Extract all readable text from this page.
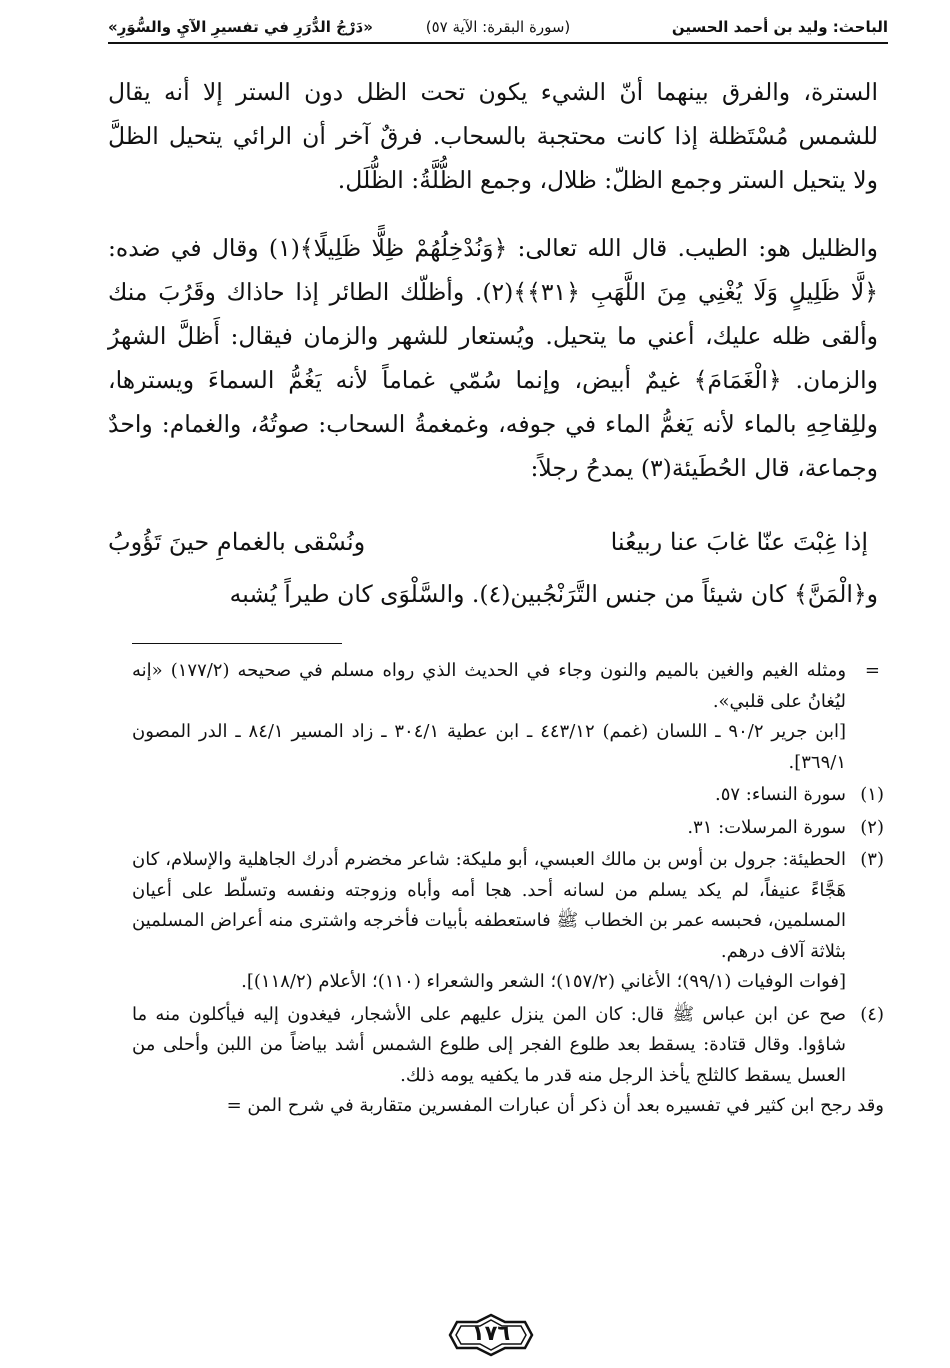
الباحث: وليد بن أحمد الحسين
(سورة البقرة: الآية ٥٧)
«دَرْجُ الدُّرَرِ في تفسيرِ الآيِ والسُّوَرِ»

السترة، والفرق بينهما أنّ الشيء يكون تحت الظل دون الستر إلا أنه يقال للشمس مُسْتَظلة إذا كانت محتجبة بالسحاب. فرقٌ آخر أن الرائي يتحيل الظلَّ ولا يتحيل الستر وجمع الظلّ: ظلال، وجمع الظُّلَّةُ: الظُّلَل.

والظليل هو: الطيب. قال الله تعالى: ﴿وَنُدْخِلُهُمْ ظِلًّا ظَلِيلًا﴾(١) وقال في ضده: ﴿لَّا ظَلِيلٍ وَلَا يُغْنِي مِنَ اللَّهَبِ ﴿٣١﴾﴾(٢). وأظلّك الطائر إذا حاذاك وقَرُبَ منك وألقى ظله عليك، أعني ما يتحيل. ويُستعار للشهر والزمان فيقال: أَظلَّ الشهرُ والزمان. ﴿الْغَمَامَ﴾ غيمٌ أبيض، وإنما سُمّي غماماً لأنه يَغُمُّ السماءَ ويسترها، وللِقاحِهِ بالماء لأنه يَغمُّ الماء في جوفه، وغمغمةُ السحاب: صوتُهُ، والغمام: واحدٌ وجماعة، قال الحُطَيئة(٣) يمدحُ رجلاً:

إذا غِبْتَ عنّا غابَ عنا ربيعُنا
ونُسْقى بالغمامِ حينَ تَؤُوبُ

و﴿الْمَنَّ﴾ كان شيئاً من جنس التَّرَنْجُبين(٤). والسَّلْوَى كان طيراً يُشبه

=
ومثله الغيم والغين بالميم والنون وجاء في الحديث الذي رواه مسلم في صحيحه (١٧٧/٢) «إنه ليُغانُ على قلبي».
[ابن جرير ٩٠/٢ ـ اللسان (غمم) ٤٤٣/١٢ ـ ابن عطية ٣٠٤/١ ـ زاد المسير ٨٤/١ ـ الدر المصون ٣٦٩/١].
(١)
سورة النساء: ٥٧.
(٢)
سورة المرسلات: ٣١.
(٣)
الحطيئة: جرول بن أوس بن مالك العبسي، أبو مليكة: شاعر مخضرم أدرك الجاهلية والإسلام، كان هَجَّاءً عنيفاً، لم يكد يسلم من لسانه أحد. هجا أمه وأباه وزوجته ونفسه وتسلّط على أعيان المسلمين، فحبسه عمر بن الخطاب ﷺ فاستعطفه بأبيات فأخرجه واشترى منه أعراض المسلمين بثلاثة آلاف درهم.
[فوات الوفيات (٩٩/١)؛ الأغاني (١٥٧/٢)؛ الشعر والشعراء (١١٠)؛ الأعلام (١١٨/٢)].
(٤)
صح عن ابن عباس ﷺ قال: كان المن ينزل عليهم على الأشجار، فيغدون إليه فيأكلون منه ما شاؤوا. وقال قتادة: يسقط بعد طلوع الفجر إلى طلوع الشمس أشد بياضاً من اللبن وأحلى من العسل يسقط كالثلج يأخذ الرجل منه قدر ما يكفيه يومه ذلك.
وقد رجح ابن كثير في تفسيره بعد أن ذكر أن عبارات المفسرين متقاربة في شرح المن =
١٧٦
